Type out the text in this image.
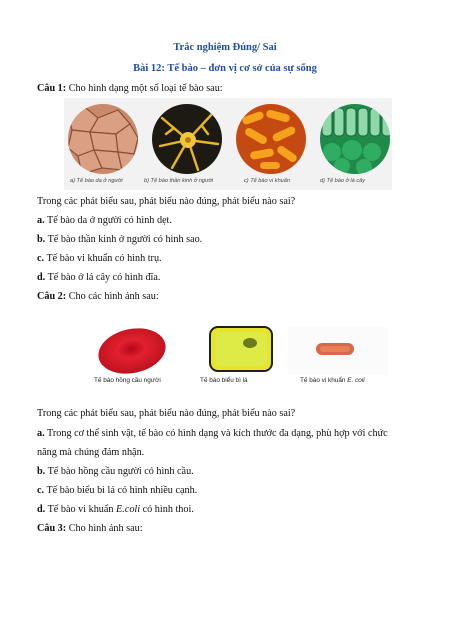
Trắc nghiệm Đúng/ Sai
Bài 12: Tế bào – đơn vị cơ sở của sự sống
Câu 1: Cho hình dạng một số loại tế bào sau:
a) Tế bào da ở người	b) Tế bào thần kinh ở người	c) Tế bào vi khuẩn	d) Tế bào ở lá cây
Trong các phát biểu sau, phát biểu nào đúng, phát biểu nào sai?
a. Tế bào da ở người có hình dẹt.
b. Tế bào thần kinh ở người có hình sao.
c. Tế bào vi khuẩn có hình trụ.
d. Tế bào ở lá cây có hình đĩa.
Câu 2: Cho các hình ảnh sau:
Tế bào hồng cầu người	Tế bào biểu bì lá	Tế bào vi khuẩn E. coli
Trong các phát biểu sau, phát biểu nào đúng, phát biểu nào sai?
a. Trong cơ thể sinh vật, tế bào có hình dạng và kích thước đa dạng, phù hợp với chức
năng mà chúng đảm nhận.
b. Tế bào hồng cầu người có hình cầu.
c. Tế bào biểu bì lá có hình nhiều cạnh.
d. Tế bào vi khuẩn E.coli có hình thoi.
Câu 3: Cho hình ảnh sau:
